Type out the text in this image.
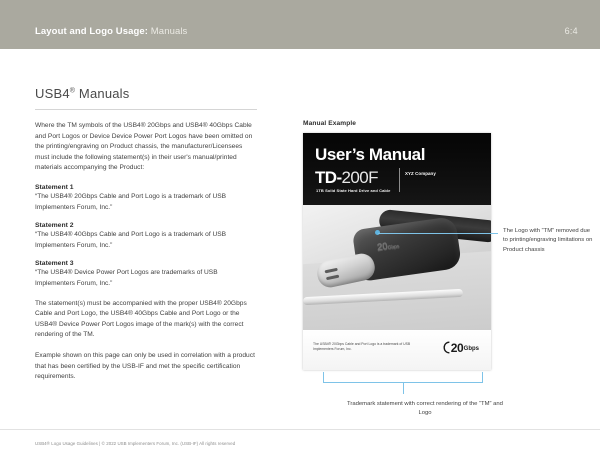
Layout and Logo Usage: Manuals	6:4
USB4® Manuals

Where the TM symbols of the USB4® 20Gbps and USB4® 40Gbps Cable and Port Logos or Device Device Power Port Logos have been omitted on the printing/engraving on Product chassis, the manufacturer/Licensees must include the following statement(s) in their user's manual/printed materials accompanying the Product:

Statement 1

“The USB4® 20Gbps Cable and Port Logo is a trademark of USB Implementers Forum, Inc.”

Statement 2

“The USB4® 40Gbps Cable and Port Logo is a trademark of USB Implementers Forum, Inc.”

Statement 3

“The USB4® Device Power Port Logos are trademarks of USB Implementers Forum, Inc.”

The statement(s) must be accompanied with the proper USB4® 20Gbps Cable and Port Logo, the USB4® 40Gbps Cable and Port Logo or the USB4® Device Power Port Logos image of the mark(s) with the correct rendering of the TM.

Example shown on this page can only be used in correlation with a product that has been certified by the USB-IF and met the specific certification requirements.

Manual Example
User’s Manual
TD-200F
1TB Solid State Hard Drive and Cable
XYZ Company
20Gbps
The USB4® 20Gbps Cable and Port Logo is a trademark of USB Implementers Forum, Inc.	20 Gbps
The Logo with “TM” removed due to printing/engraving limitations on Product chassis
Trademark statement with correct rendering of the “TM” and Logo
USB4® Logo Usage Guidelines | © 2022 USB Implementers Forum, Inc. (USB-IF) All rights reserved
